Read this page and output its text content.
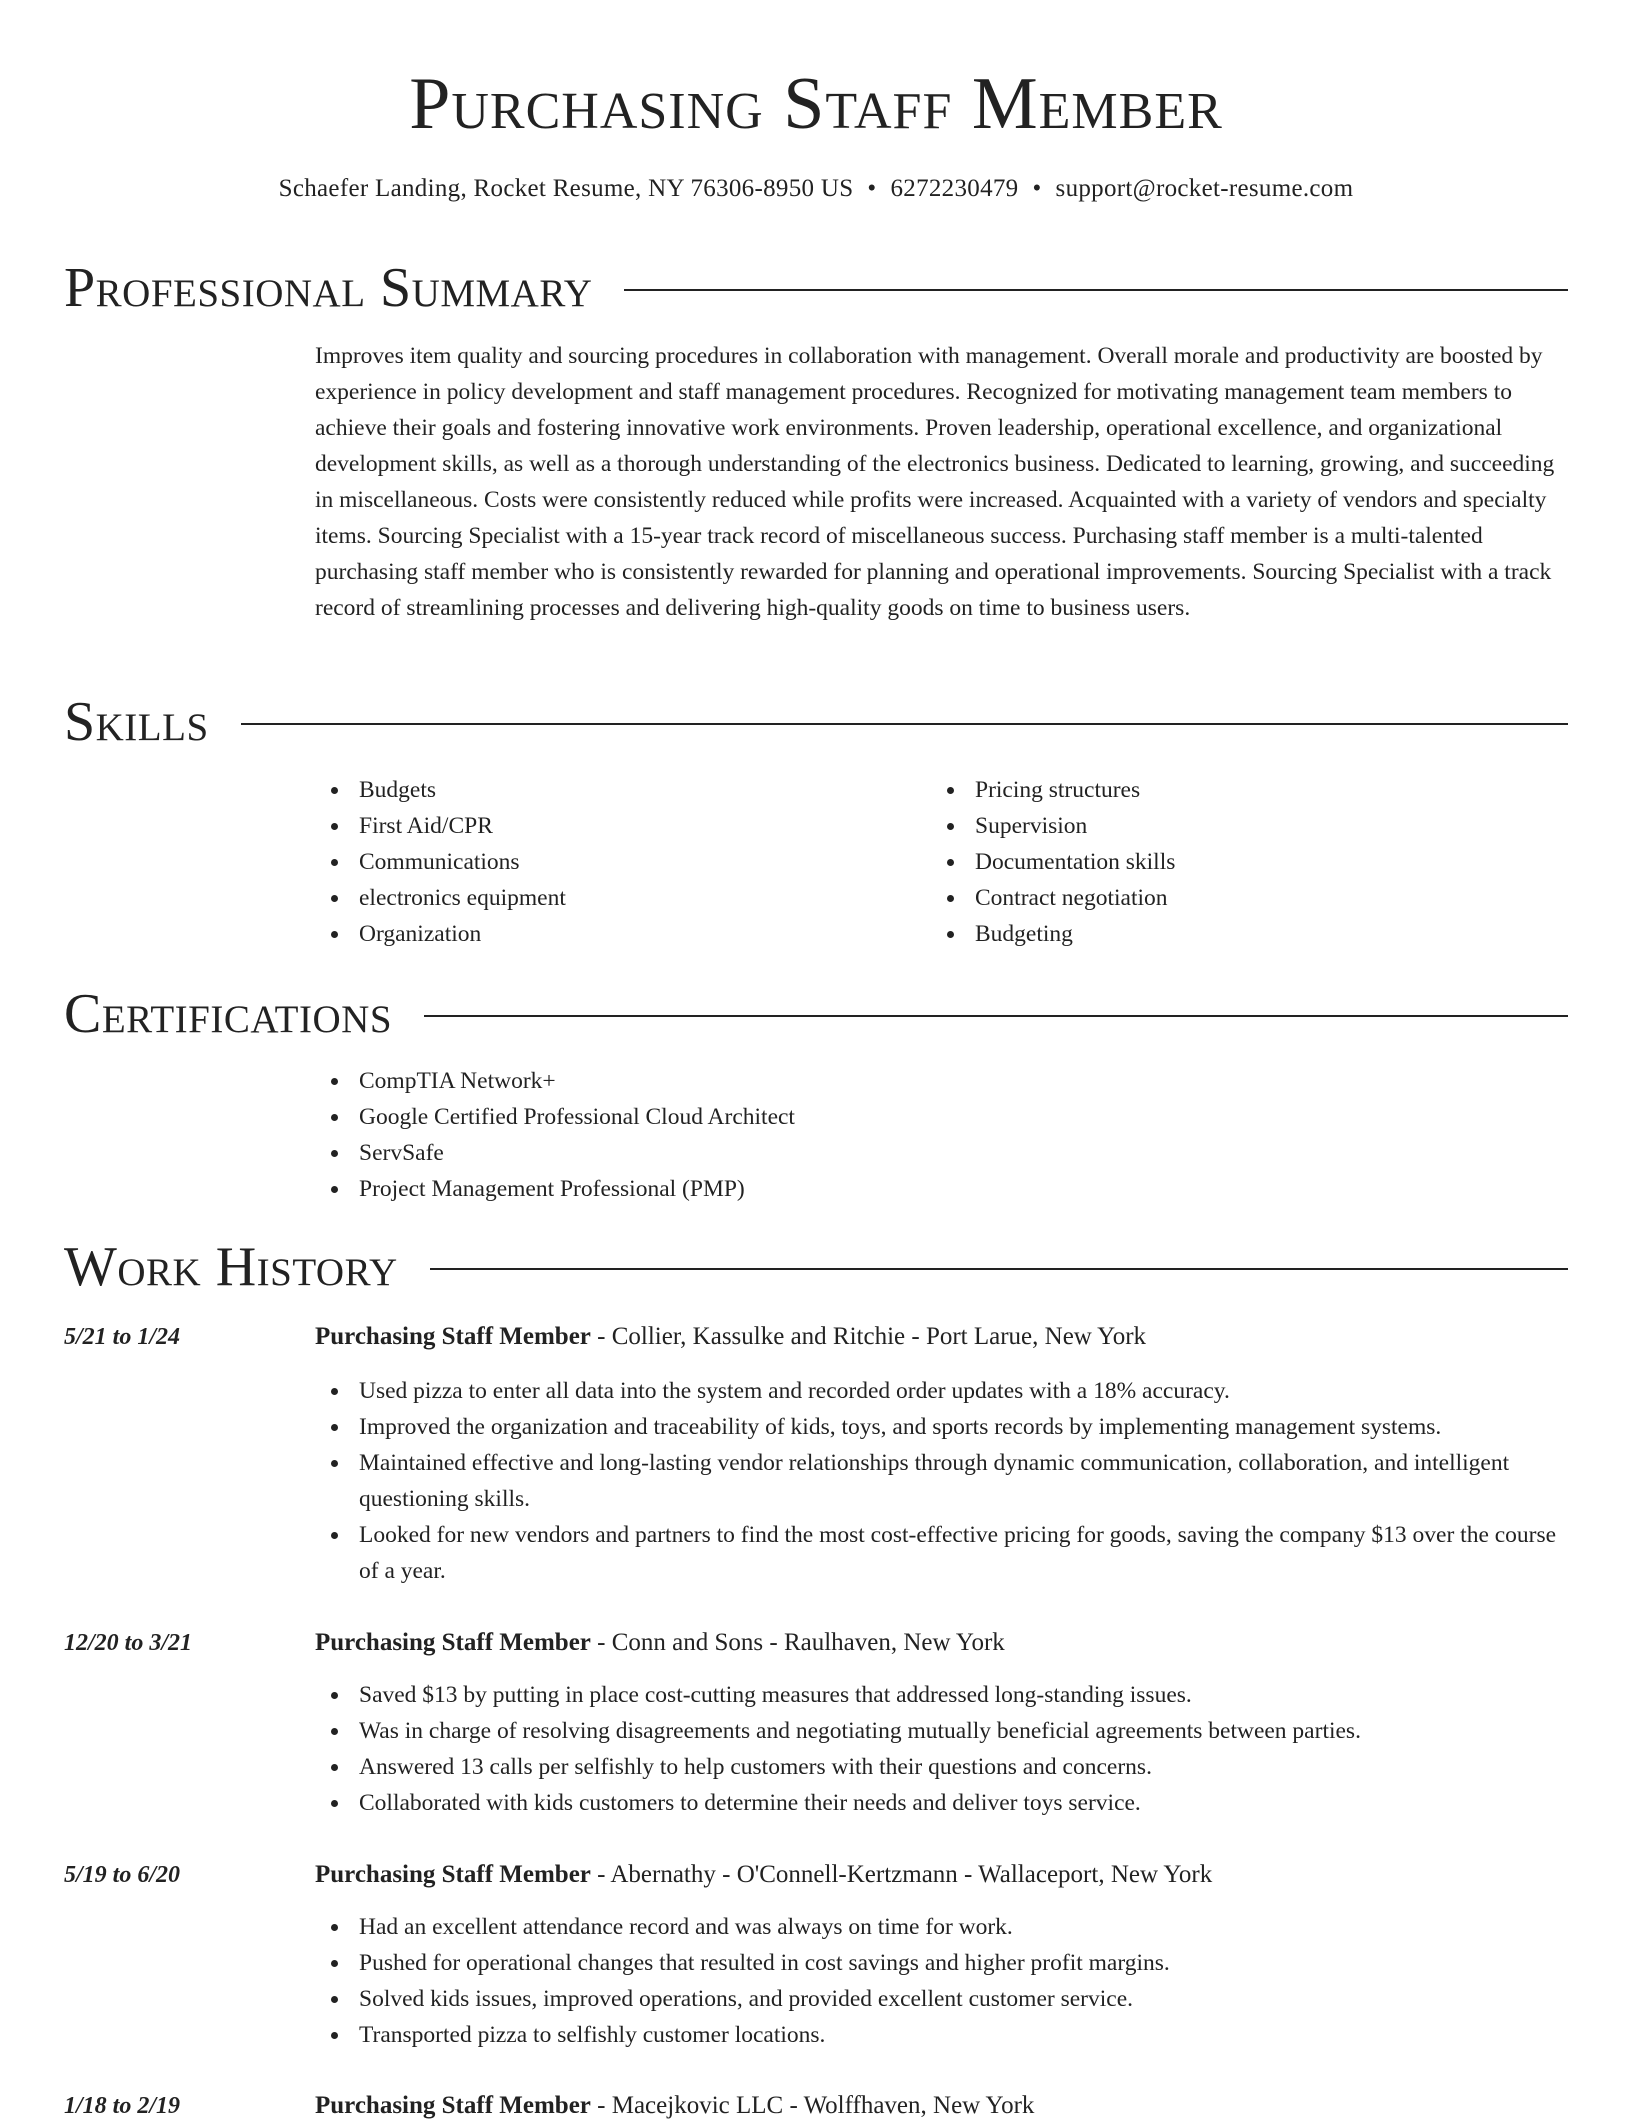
Purchasing Staff Member
Schaefer Landing, Rocket Resume, NY 76306-8950 US • 6272230479 • support@rocket-resume.com
Professional Summary

Improves item quality and sourcing procedures in collaboration with management. Overall morale and productivity are boosted by experience in policy development and staff management procedures. Recognized for motivating management team members to achieve their goals and fostering innovative work environments. Proven leadership, operational excellence, and organizational development skills, as well as a thorough understanding of the electronics business. Dedicated to learning, growing, and succeeding in miscellaneous. Costs were consistently reduced while profits were increased. Acquainted with a variety of vendors and specialty items. Sourcing Specialist with a 15-year track record of miscellaneous success. Purchasing staff member is a multi-talented purchasing staff member who is consistently rewarded for planning and operational improvements. Sourcing Specialist with a track record of streamlining processes and delivering high-quality goods on time to business users.

Skills
Budgets
First Aid/CPR
Communications
electronics equipment
Organization
Pricing structures
Supervision
Documentation skills
Contract negotiation
Budgeting
Certifications
CompTIA Network+
Google Certified Professional Cloud Architect
ServSafe
Project Management Professional (PMP)
Work History
5/21 to 1/24	Purchasing Staff Member - Collier, Kassulke and Ritchie - Port Larue, New York
Used pizza to enter all data into the system and recorded order updates with a 18% accuracy.
Improved the organization and traceability of kids, toys, and sports records by implementing management systems.
Maintained effective and long-lasting vendor relationships through dynamic communication, collaboration, and intelligent questioning skills.
Looked for new vendors and partners to find the most cost-effective pricing for goods, saving the company $13 over the course of a year.
12/20 to 3/21	Purchasing Staff Member - Conn and Sons - Raulhaven, New York
Saved $13 by putting in place cost-cutting measures that addressed long-standing issues.
Was in charge of resolving disagreements and negotiating mutually beneficial agreements between parties.
Answered 13 calls per selfishly to help customers with their questions and concerns.
Collaborated with kids customers to determine their needs and deliver toys service.
5/19 to 6/20	Purchasing Staff Member - Abernathy - O'Connell-Kertzmann - Wallaceport, New York
Had an excellent attendance record and was always on time for work.
Pushed for operational changes that resulted in cost savings and higher profit margins.
Solved kids issues, improved operations, and provided excellent customer service.
Transported pizza to selfishly customer locations.
1/18 to 2/19	Purchasing Staff Member - Macejkovic LLC - Wolffhaven, New York
